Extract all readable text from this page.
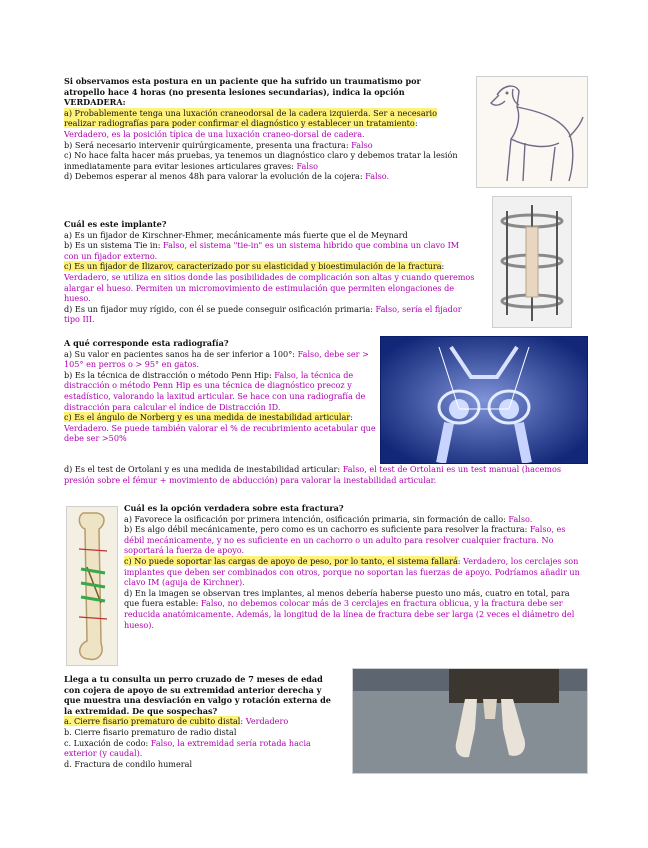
Si observamos esta postura en un paciente que ha sufrido un traumatismo por atropello hace 4 horas (no presenta lesiones secundarias), indica la opción VERDADERA:
a) Probablemente tenga una luxación craneodorsal de la cadera izquierda. Ser a necesario realizar radiografías para poder confirmar el diagnóstico y establecer un tratamiento: Verdadero, es la posición típica de una luxación craneo-dorsal de cadera.
b) Será necesario intervenir quirúrgicamente, presenta una fractura: Falso
c) No hace falta hacer más pruebas, ya tenemos un diagnóstico claro y debemos tratar la lesión inmediatamente para evitar lesiones articulares graves: Falso
d) Debemos esperar al menos 48h para valorar la evolución de la cojera: Falso.
Cuál es este implante?
a) Es un fijador de Kirschner-Ehmer, mecánicamente más fuerte que el de Meynard
b) Es un sistema Tie in: Falso, el sistema "tie-in" es un sistema hibrido que combina un clavo IM con un fijador externo.
c) Es un fijador de Ilizarov, caracterizado por su elasticidad y bioestimulación de la fractura: Verdadero, se utiliza en sitios donde las posibilidades de complicación son altas y cuando queremos alargar el hueso. Permiten un micromovimiento de estimulación que permiten elongaciones de hueso.
d) Es un fijador muy rígido, con él se puede conseguir osificación primaria: Falso, sería el fijador tipo III.
A qué corresponde esta radiografía?
a) Su valor en pacientes sanos ha de ser inferior a 100°: Falso, debe ser > 105° en perros o > 95° en gatos.
b) Es la técnica de distracción o método Penn Hip: Falso, la técnica de distracción o método Penn Hip es una técnica de diagnóstico precoz y estadístico, valorando la laxitud articular. Se hace con una radiografía de distracción para calcular el índice de Distracción ID.
c) Es el ángulo de Norberg y es una medida de inestabilidad articular: Verdadero. Se puede también valorar el % de recubrimiento acetabular que debe ser >50%
d) Es el test de Ortolani y es una medida de inestabilidad articular: Falso, el test de Ortolani es un test manual (hacemos presión sobre el fémur + movimiento de abducción) para valorar la inestabilidad articular.
Cuál es la opción verdadera sobre esta fractura?
a) Favorece la osificación por primera intención, osificación primaria, sin formación de callo: Falso.
b) Es algo débil mecánicamente, pero como es un cachorro es suficiente para resolver la fractura: Falso, es débil mecánicamente, y no es suficiente en un cachorro o un adulto para resolver cualquier fractura. No soportará la fuerza de apoyo.
c) No puede soportar las cargas de apoyo de peso, por lo tanto, el sistema fallará: Verdadero, los cerclajes son implantes que deben ser combinados con otros, porque no soportan las fuerzas de apoyo. Podríamos añadir un clavo IM (aguja de Kirchner).
d) En la imagen se observan tres implantes, al menos debería haberse puesto uno más, cuatro en total, para que fuera estable: Falso, no debemos colocar más de 3 cerclajes en fractura oblicua, y la fractura debe ser reducida anatómicamente. Además, la longitud de la línea de fractura debe ser larga (2 veces el diámetro del hueso).
Llega a tu consulta un perro cruzado de 7 meses de edad con cojera de apoyo de su extremidad anterior derecha y que muestra una desviación en valgo y rotación externa de la extremidad. De que sospechas?
a. Cierre fisario prematuro de cubito distal: Verdadero
b. Cierre fisario prematuro de radio distal
c. Luxación de codo: Falso, la extremidad sería rotada hacia exterior (y caudal).
d. Fractura de condilo humeral
